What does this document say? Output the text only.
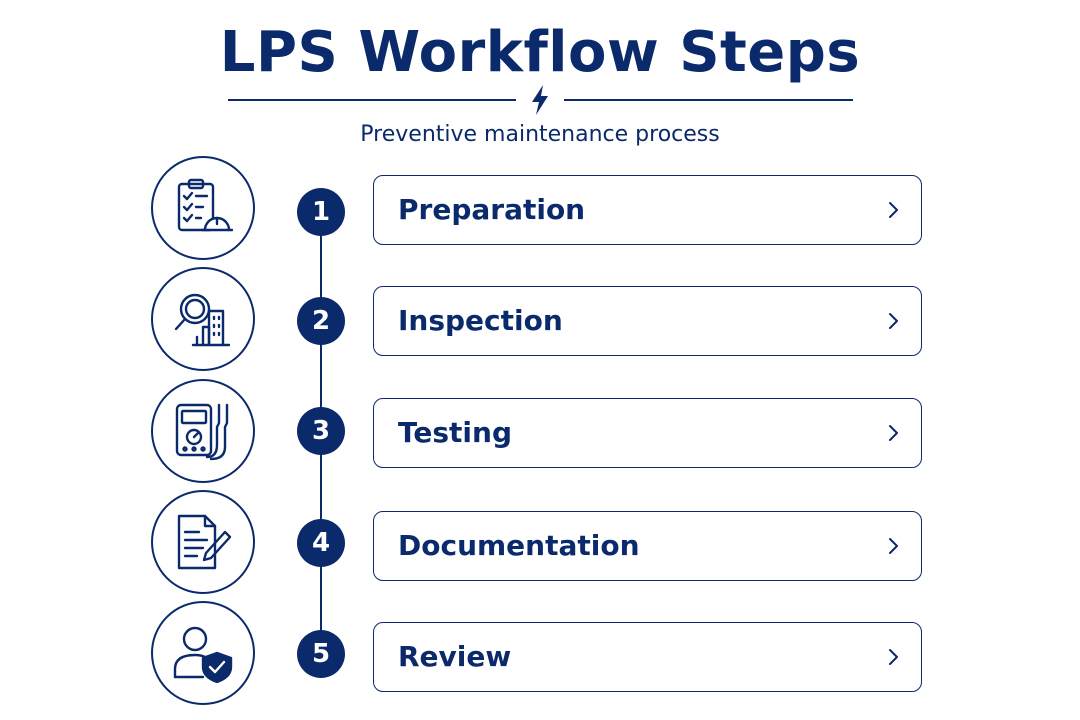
LPS Workflow Steps
Preventive maintenance process
1	Preparation
2	Inspection
3	Testing
4	Documentation
5	Review
